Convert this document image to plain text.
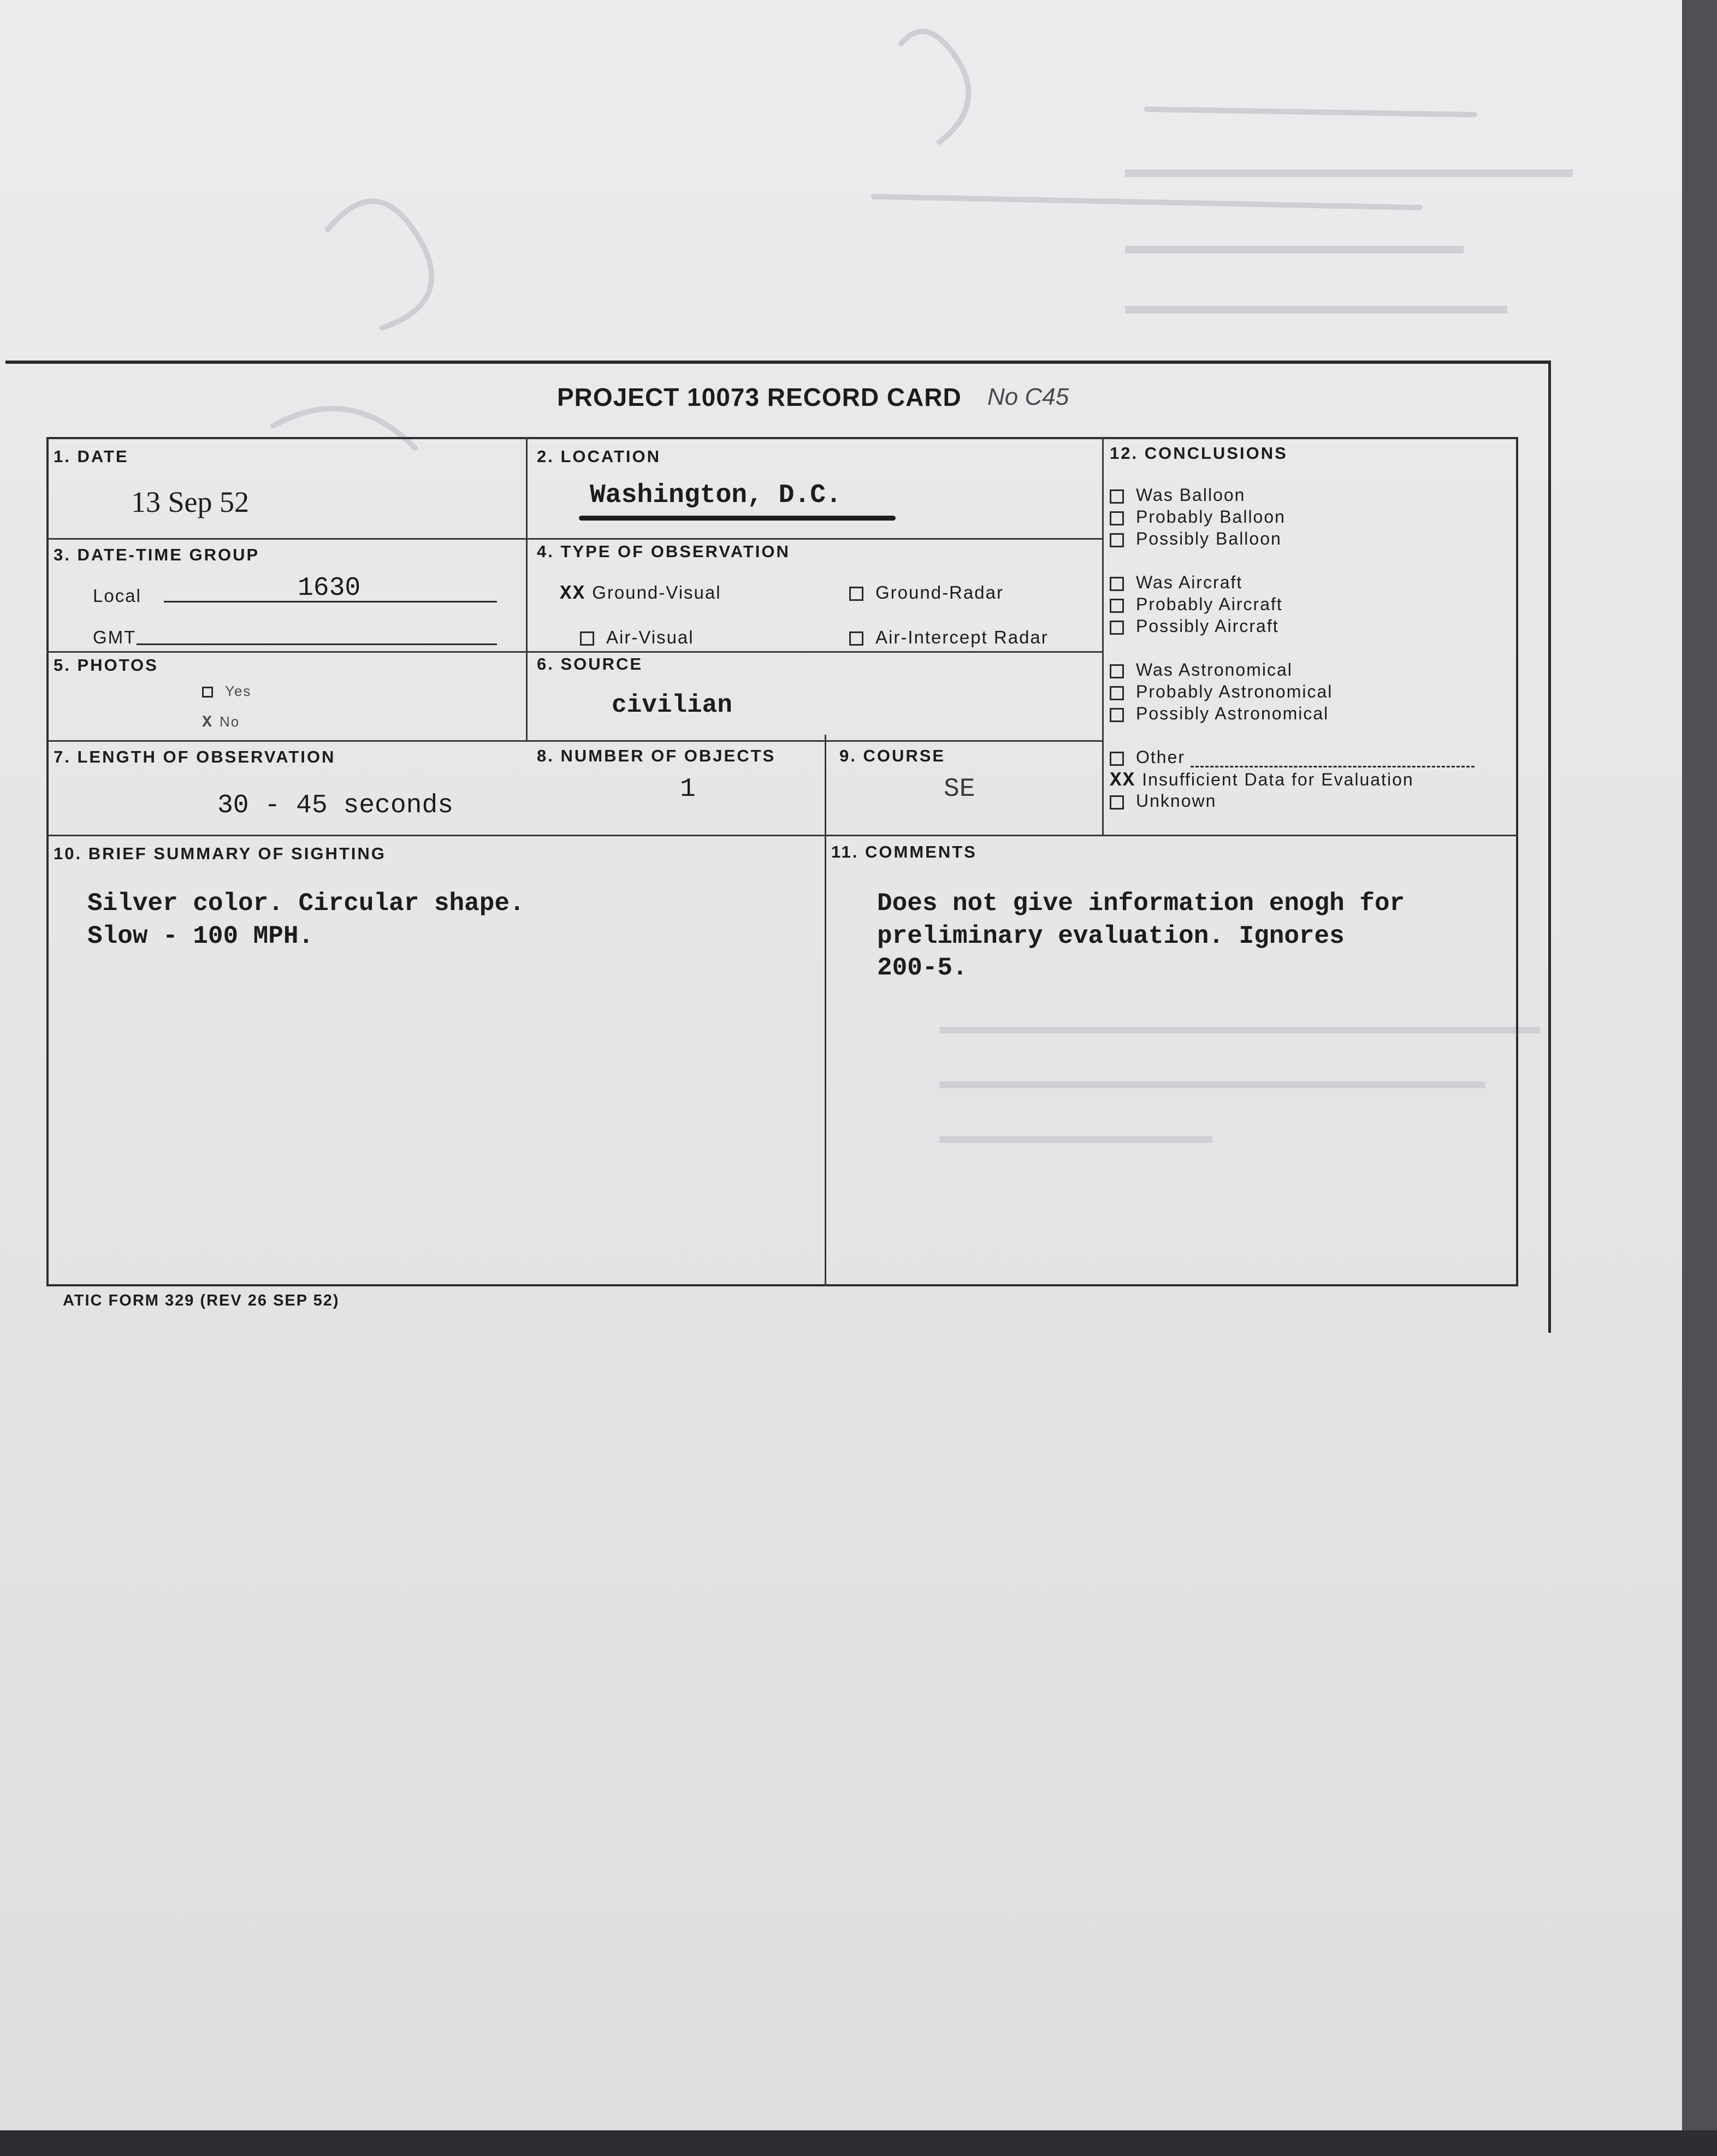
PROJECT 10073 RECORD CARD No C45
1. DATE
13 Sep 52
2. LOCATION
Washington, D.C.
3. DATE-TIME GROUP
Local	1630
GMT
4. TYPE OF OBSERVATION
XX Ground-Visual	Ground-Radar
Air-Visual	Air-Intercept Radar
5. PHOTOS
Yes
X No
6. SOURCE
civilian
7. LENGTH OF OBSERVATION
30 - 45 seconds
8. NUMBER OF OBJECTS
1
9. COURSE
SE
12. CONCLUSIONS
Was Balloon
Probably Balloon
Possibly Balloon
Was Aircraft
Probably Aircraft
Possibly Aircraft
Was Astronomical
Probably Astronomical
Possibly Astronomical
Other
XX Insufficient Data for Evaluation
Unknown
10. BRIEF SUMMARY OF SIGHTING
Silver color. Circular shape.
Slow - 100 MPH.
11. COMMENTS
Does not give information enogh for
preliminary evaluation. Ignores
200-5.
ATIC FORM 329 (REV 26 SEP 52)
